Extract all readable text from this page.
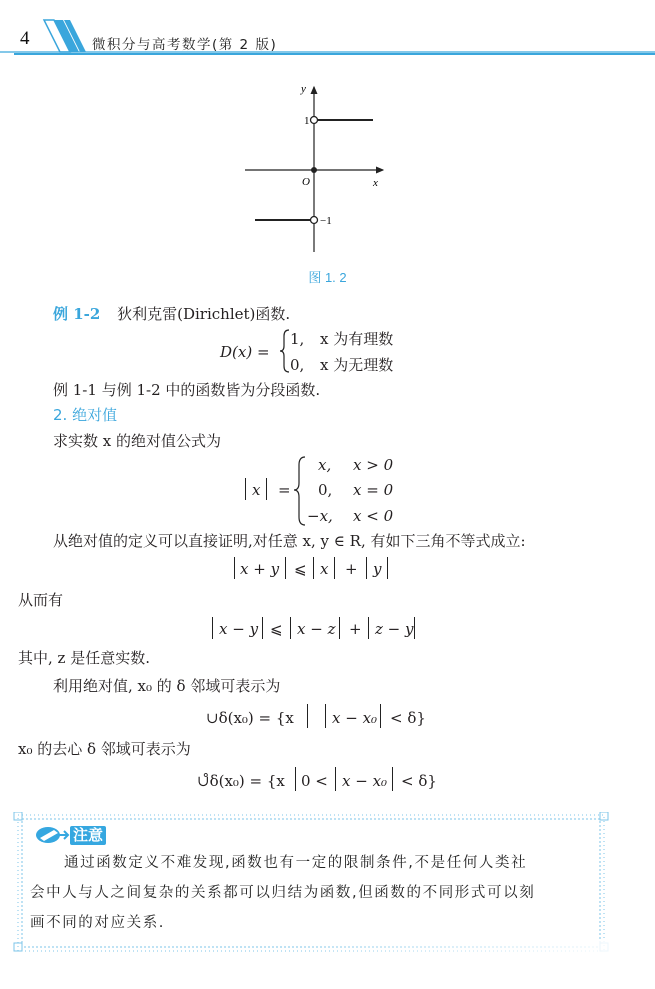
4	微积分与高考数学(第 2 版)
y
x
O
1
−1
图 1. 2
例 1-2 狄利克雷(Dirichlet)函数.
D(x) =
1, x 为有理数
0, x 为无理数
例 1-1 与例 1-2 中的函数皆为分段函数.
2. 绝对值
求实数 x 的绝对值公式为
x =
x, x > 0
0, x = 0
−x, x < 0
从绝对值的定义可以直接证明,对任意 x, y ∈ R, 有如下三角不等式成立:
x + y ⩽ x + y
从而有
x − y ⩽ x − z + z − y
其中, z 是任意实数.
利用绝对值, x₀ 的 δ 邻域可表示为
∪δ(x₀) = {x	x − x₀ < δ}
x₀ 的去心 δ 邻域可表示为
∪̊δ(x₀) = {x 0 < x − x₀ < δ}
注意
通过函数定义不难发现,函数也有一定的限制条件,不是任何人类社
会中人与人之间复杂的关系都可以归结为函数,但函数的不同形式可以刻
画不同的对应关系.
